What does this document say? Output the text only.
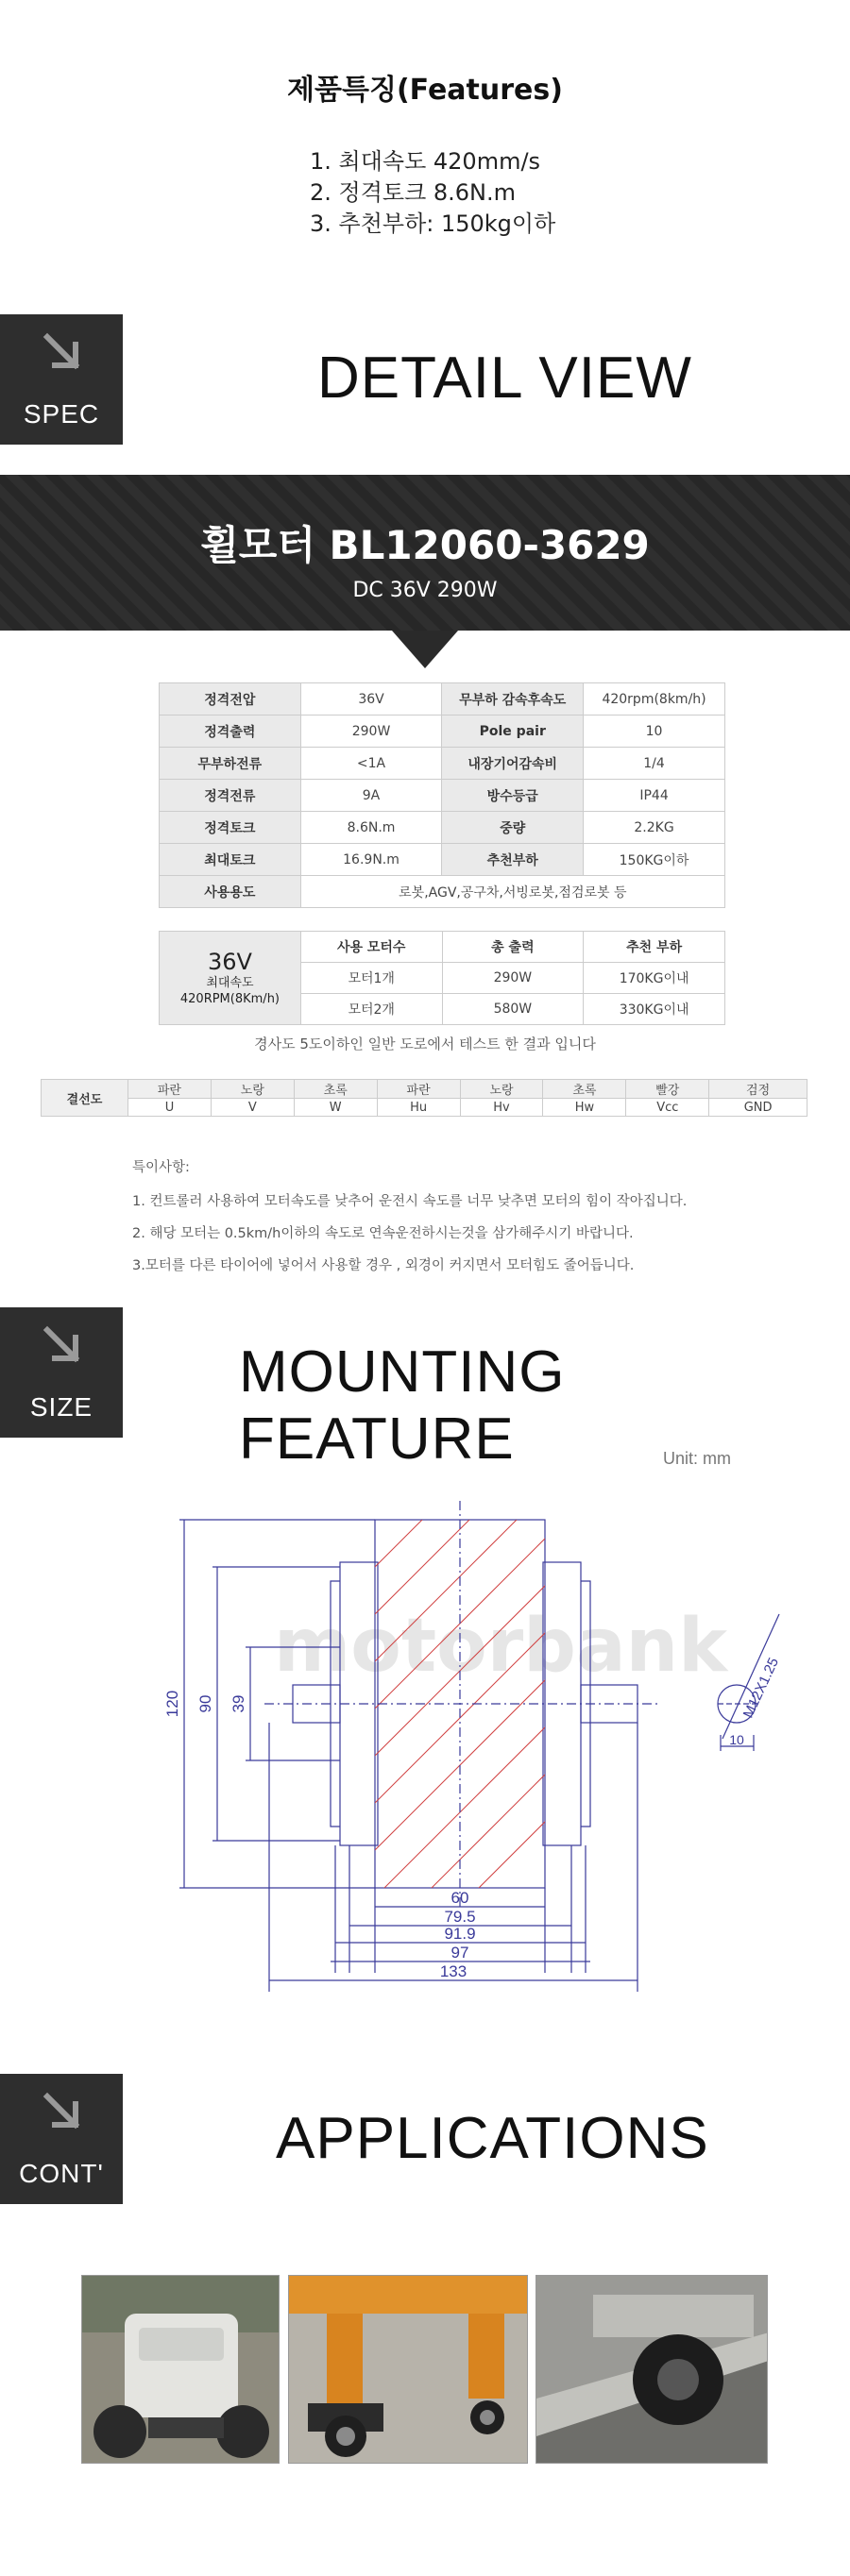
제품특징(Features)
1. 최대속도 420mm/s
2. 정격토크 8.6N.m
3. 추천부하: 150kg이하
SPEC
DETAIL VIEW
휠모터 BL12060-3629
DC 36V 290W
정격전압	36V	무부하 감속후속도	420rpm(8km/h)
정격출력	290W	Pole pair	10
무부하전류	<1A	내장기어감속비	1/4
정격전류	9A	방수등급	IP44
정격토크	8.6N.m	중량	2.2KG
최대토크	16.9N.m	추천부하	150KG이하
사용용도	로봇,AGV,공구차,서빙로봇,점검로봇 등		
36V
최대속도
420RPM(8Km/h)	사용 모터수	총 출력	추천 부하
	모터1개	290W	170KG이내
	모터2개	580W	330KG이내
경사도 5도이하인 일반 도로에서 테스트 한 결과 입니다
결선도	파란	노랑	초록	파란	노랑	초록	빨강	검정
	U	V	W	Hu	Hv	Hw	Vcc	GND
특이사항:
1. 컨트롤러 사용하여 모터속도를 낮추어 운전시 속도를 너무 낮추면 모터의 힘이 작아집니다.
2. 해당 모터는 0.5km/h이하의 속도로 연속운전하시는것을 삼가해주시기 바랍니다.
3.모터를 다른 타이어에 넣어서 사용할 경우 , 외경이 커지면서 모터힘도 줄어듭니다.
SIZE
MOUNTING FEATURE	Unit: mm
motorbank
120 90 39
60
79.5
91.9
97
133
M12X1.25
10
CONT'
APPLICATIONS
